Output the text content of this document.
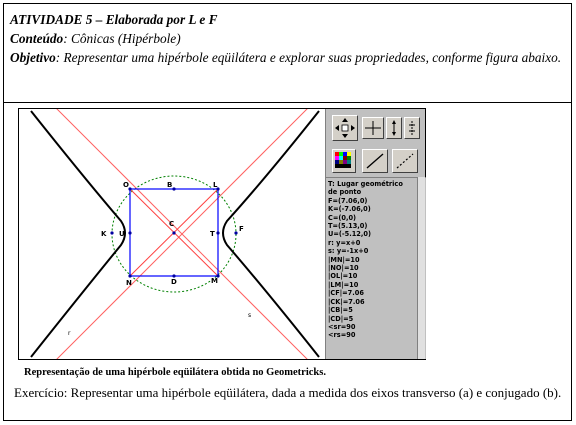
ATIVIDADE 5 – Elaborada por L e F
Conteúdo: Cônicas (Hipérbole)
Objetivo: Representar uma hipérbole eqüilátera e explorar suas propriedades, conforme figura abaixo.
O	B	L
K U
C
T
F
N	D	M
r
s
T: Lugar geométrico
de ponto
F=(7.06,0)
K=(-7.06,0)
C=(0,0)
T=(5.13,0)
U=(-5.12,0)
r: y=x+0
s: y=-1x+0
|MN|=10
|NO|=10
|OL|=10
|LM|=10
|CF|=7.06
|CK|=7.06
|CB|=5
|CD|=5
<sr=90
<rs=90
Representação de uma hipérbole eqüilátera obtida no Geometricks.
Exercício: Representar uma hipérbole eqüilátera, dada a medida dos eixos transverso (a) e conjugado (b).
